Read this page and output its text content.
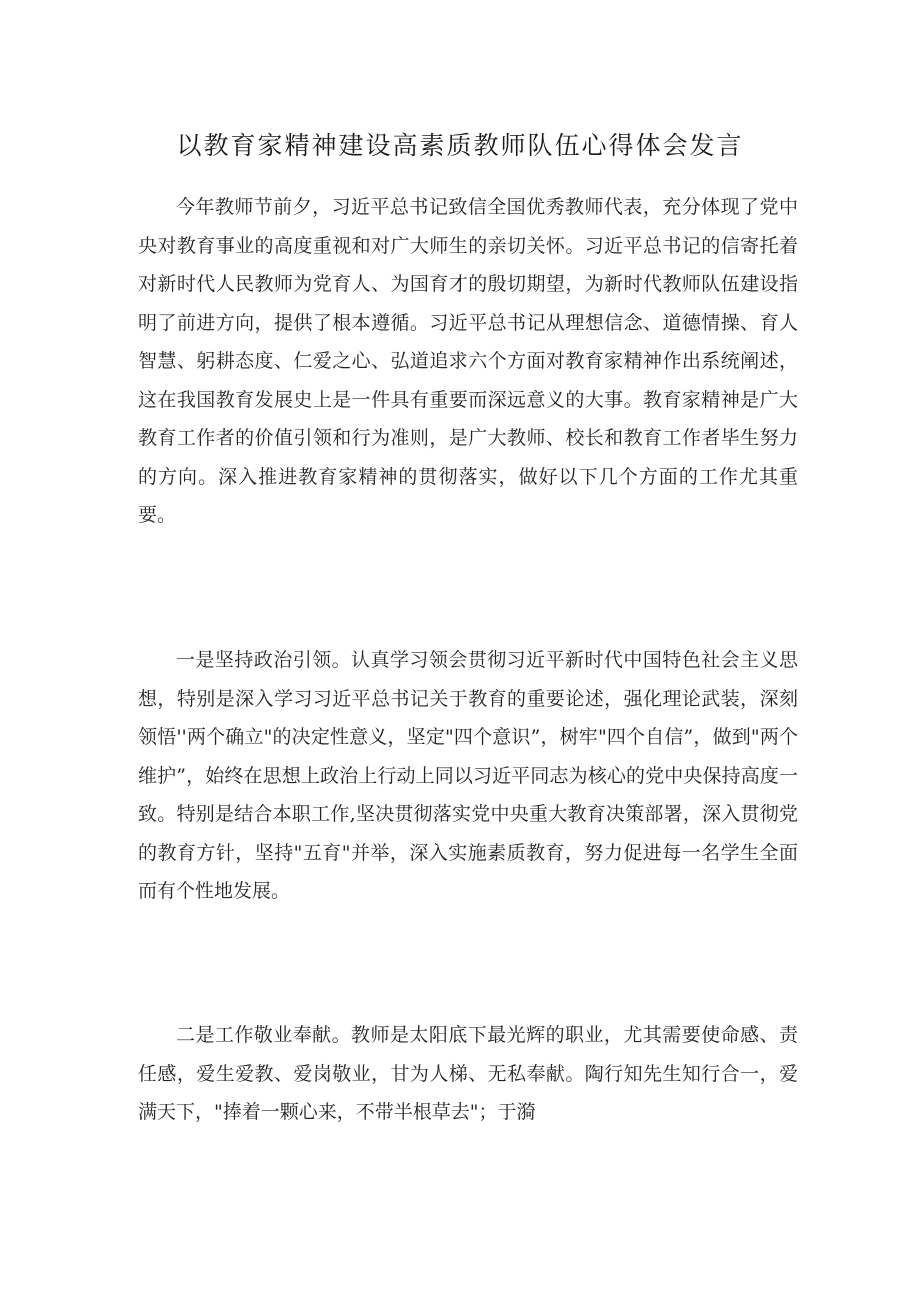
以教育家精神建设高素质教师队伍心得体会发言

今年教师节前夕，习近平总书记致信全国优秀教师代表，充分体现了党中央对教育事业的高度重视和对广大师生的亲切关怀。习近平总书记的信寄托着对新时代人民教师为党育人、为国育才的殷切期望，为新时代教师队伍建设指明了前进方向，提供了根本遵循。习近平总书记从理想信念、道德情操、育人智慧、躬耕态度、仁爱之心、弘道追求六个方面对教育家精神作出系统阐述，这在我国教育发展史上是一件具有重要而深远意义的大事。教育家精神是广大教育工作者的价值引领和行为准则，是广大教师、校长和教育工作者毕生努力的方向。深入推进教育家精神的贯彻落实，做好以下几个方面的工作尤其重要。

一是坚持政治引领。认真学习领会贯彻习近平新时代中国特色社会主义思想，特别是深入学习习近平总书记关于教育的重要论述，强化理论武装，深刻领悟''两个确立"的决定性意义，坚定"四个意识”，树牢"四个自信”，做到"两个维护”，始终在思想上政治上行动上同以习近平同志为核心的党中央保持高度一致。特别是结合本职工作,坚决贯彻落实党中央重大教育决策部署，深入贯彻党的教育方针，坚持"五育"并举，深入实施素质教育，努力促进每一名学生全面而有个性地发展。

二是工作敬业奉献。教师是太阳底下最光辉的职业，尤其需要使命感、责任感，爱生爱教、爱岗敬业，甘为人梯、无私奉献。陶行知先生知行合一，爱满天下，"捧着一颗心来，不带半根草去"；于漪
